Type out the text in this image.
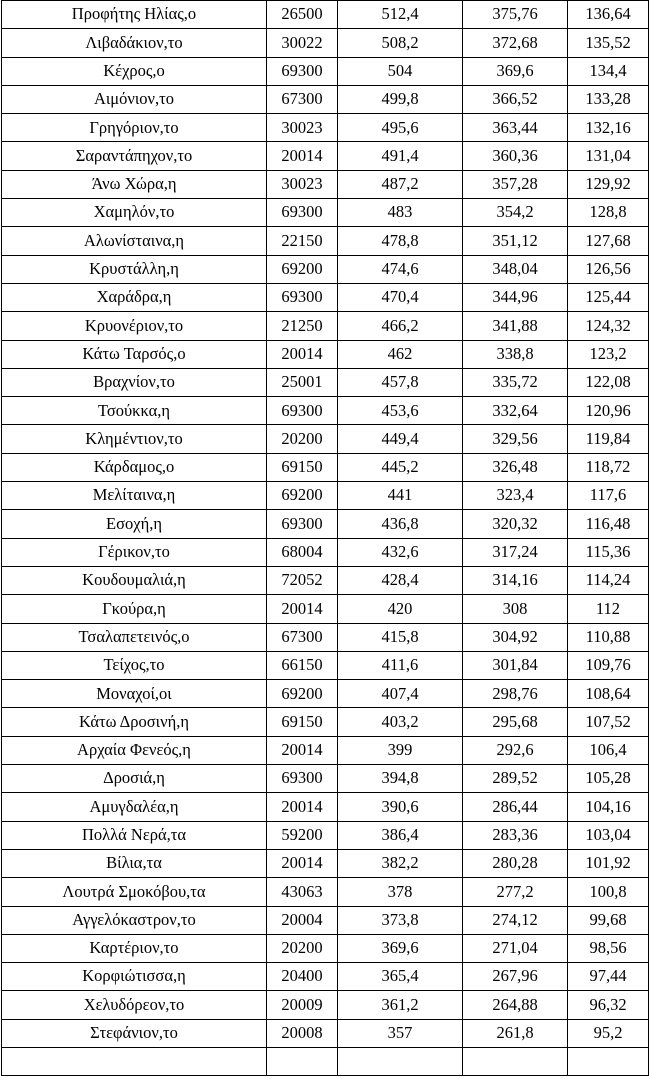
Προφήτης Ηλίας,ο	26500	512,4	375,76	136,64
Λιβαδάκιον,το	30022	508,2	372,68	135,52
Κέχρος,ο	69300	504	369,6	134,4
Αιμόνιον,το	67300	499,8	366,52	133,28
Γρηγόριον,το	30023	495,6	363,44	132,16
Σαραντάπηχον,το	20014	491,4	360,36	131,04
Άνω Χώρα,η	30023	487,2	357,28	129,92
Χαμηλόν,το	69300	483	354,2	128,8
Αλωνίσταινα,η	22150	478,8	351,12	127,68
Κρυστάλλη,η	69200	474,6	348,04	126,56
Χαράδρα,η	69300	470,4	344,96	125,44
Κρυονέριον,το	21250	466,2	341,88	124,32
Κάτω Ταρσός,ο	20014	462	338,8	123,2
Βραχνίον,το	25001	457,8	335,72	122,08
Τσούκκα,η	69300	453,6	332,64	120,96
Κλημέντιον,το	20200	449,4	329,56	119,84
Κάρδαμος,ο	69150	445,2	326,48	118,72
Μελίταινα,η	69200	441	323,4	117,6
Εσοχή,η	69300	436,8	320,32	116,48
Γέρικον,το	68004	432,6	317,24	115,36
Κουδουμαλιά,η	72052	428,4	314,16	114,24
Γκούρα,η	20014	420	308	112
Τσαλαπετεινός,ο	67300	415,8	304,92	110,88
Τείχος,το	66150	411,6	301,84	109,76
Μοναχοί,οι	69200	407,4	298,76	108,64
Κάτω Δροσινή,η	69150	403,2	295,68	107,52
Αρχαία Φενεός,η	20014	399	292,6	106,4
Δροσιά,η	69300	394,8	289,52	105,28
Αμυγδαλέα,η	20014	390,6	286,44	104,16
Πολλά Νερά,τα	59200	386,4	283,36	103,04
Βίλια,τα	20014	382,2	280,28	101,92
Λουτρά Σμοκόβου,τα	43063	378	277,2	100,8
Αγγελόκαστρον,το	20004	373,8	274,12	99,68
Καρτέριον,το	20200	369,6	271,04	98,56
Κορφιώτισσα,η	20400	365,4	267,96	97,44
Χελυδόρεον,το	20009	361,2	264,88	96,32
Στεφάνιον,το	20008	357	261,8	95,2
